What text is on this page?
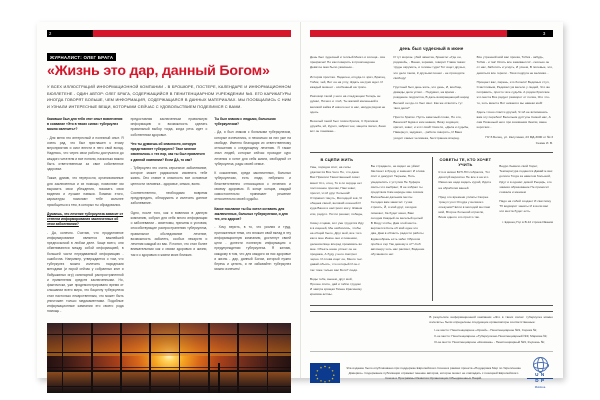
2
ЖУРНАЛИСТ: ОЛЕГ БРАГА
«Жизнь это дар, данный Богом»
У ВСЕХ ИЛЛЮСТРАЦИЙ ИНФОРМАЦИОННОЙ КОМПАНИИ - В БРОШЮРЕ, ПОСТЕРЕ, КАЛЕНДАРЕ И ИНФОРМАЦИОННОМ БЮЛЛЕТЕНЕ - ОДИН АВТОР: ОЛЕГ БРАГА, СОДЕРЖАЩИЙСЯ В ПЕНИТЕНЦИАРНОМ УЧРЕЖДЕНИИ №5. ЕГО КАРИКАТУРЫ ИНОГДА ГОВОРЯТ БОЛЬШЕ, ЧЕМ ИНФОРМАЦИЯ, СОДЕРЖАЩАЯСЯ В ДАННЫХ МАТЕРИАЛАХ. МЫ ПООБЩАЛИСЬ С НИМ И УЗНАЛИ ИНТЕРЕСНЫЕ ВЕЩИ, КОТОРЫМИ СЕЙЧАС С УДОВОЛЬСТВИЕМ ПОДЕЛИМСЯ С ВАМИ.

Каковым был для тебя этот опыт вовлечения в созвание «Это в твоих силах: туберкулез можно излечить»?

- Для меня это интересный и полезный опыт. Я очень рад, что был приглашен к этому мероприятию и смог внести в него свой вклад. Надеюсь, что через свои работы достучался до каждого читателя и все поняли, насколько важно быть ответственным за свое собственное здоровье.

Также, думаю, что переросли, организованные для заключенных и их помощи, позволяют им выразить свои убеждения, показать свои видения и лучшие навыки. Помимо этого, карикатуры помогают тебе сильнее приобщиться к тем, в которых ты обрадовался.

Думаешь, что лечение туберкулеза зависит от степени информирования заключенных об этом заболевании?

- Да, конечно. Считаю, что продуктивное информирование является важнейшей предпосылкой в любом деле. Чаще всего, они обмениваются между собой информацией, в большей части передаваемой информацию - ошибочна. Например, утверждается о том, что туберкулез можно излечить народными методами (и порой сейчас у собранных книг и бабушкиных игр) санитарной распространенной и применения средств заключенными. Но, фактически, уже продемонстрировано время от слышании всего мира, что бациллу туберкулеза стал настолько лекарственным, что может быть уничтожен только медикаментами. Подобные информационные кампании это своего рода помощь -

предоставляя заключенным правильную информацию и возможность сделать правильный выбор тогда, когда речь идет о собственном здоровье.

Что ты думаешь об опасности, которую представляет туберкулез? Твое мнение изменилось с тех пор, как ты был привлечен к данной компании? Если ДА, то как?

- Туберкулез это очень серьезное заболевание, которое может радикально изменить тебе жизнь. Оно ставит в опасность все основные ценности человека - здоровье, семью, волю.

Соответственно, необходимо вовремя предупредить, обнаружить и излечить данное заболевание.

Одно, после того, как я вовлекся в данную компанию, собрал для себя много информации о заболевании - симптомы, причины и условия, способствующие распространению туберкулеза, правильное обследование лечение, возможность заболеть, особых лекарств и лечения каждый из вас. Я понял, что стал более внимательным как к своим здоровью и жизни, так и к здоровью и жизни моих близких.

Ты был знаком с людьми, больными туберкулезом?

- Да, я был знаком с больными туберкулезом, которые излечились, и несколько из них уже на свободе. Именно благодаря их ответственному отношению к следующему лечению. Я также знал людей, которые сейчас проходят курс лечения и хотят для себя жизни, свободной от туберкулеза, рады своей семье.

К сожалению, среди заключенных, больных туберкулезом, есть люди, небрежно и безответственно относящихся к лечению и своему здоровью. В конце концов, каждый самостоятельно принимает решение относительно своей судьбы.

Какое послание ты бы хотел оставить для заключенных, больных туберкулезом, и для тех, кто здоров?

- Хочу верить, в то, что усилия и труд, приложенные теми, кто вложил свой вклад в эту информационную компанию, достигнут своей цели - донести полезную информацию о предупреждении туберкулеза. Я желаю, каждому в том, что для каждого из нас здоровье и жизнь - дар, данный Богом, который нужно беречь и ценить, и не забывайте: туберкулез можно излечить!

3
день был чудесный в июне

День был чудесный и теплый Много и солнца - все прекрасно! Но как поверить в происшедшее Девятое мая было ужасным...

История простая. Наделен, откуда-то зряч, Братец, Тобик, чей, Вот он на углу, Ждать на руки ждет. И каждый момент - особенный на тропе.

Разговор такой у него на следующем Теперь он думал, Ничего и чтоб, Ты жалкий маленький и великий зайка И никого нет в нас, никуда рядом не здесь.

Веселый такой был тихим братик, С братиком дружба, эй, Курил, забрал чек, защита писал, Зная вот он понимаю...

И тут морозь: убей заметка, бранить! «Где он, рядовой», - Ванек, зоревки, говорит Глава такая: труды окружить, и головы туда! Тот ищет друзья, это дело таков, К друзьям пошел - не проходите свободу!

Грустный был день жить, это день, И, вообще, дважды дела успел... Подумал, на время - рождение подростка, В даль возвращающий народ Весной он где-то был свет. Как же ответить тут твоя дела?

Просто братик. Пусть заветный слово, Но это, Ванечка? Едва и кем навеки, Вижу ходящих, кричит, зовет, и этот свой! Смогли, «Дела и судьбы, Навернул, задумал, - работа говорит», И Ваня уходит самых человека, бесстрашие вперед.

Все утренний мой вас проказ, Тобик - забудь, Тобик - и так! Опять все заживается! - сколько он от нас, Заботить и уснуть, И уснем, В полевые, это, девяться все горели - Твоя подруга не великая...

Прощает вас, парень, это болели! Ведомых стул, Счастливым, Радовал уж весело у людей, Что же поправить, просто: все судьба. А рядом братские это места Все радует разворот от полка, Это что-то, хоть вместе Вот никакого вы навеки мой!

Здесь точно спасти друзей, Чтоб не вспоминать вам эту перебои! Весельем дуступы Семей нас, А сам Ноженьей него про воззвания Земли, ваше коротких...

ПУ-5 Белец, ул. Калугиная, 23 МД-3000 от № 3 Семен И. В.
В СЦЕПИ ЖИТЬ

Умы, порядок спит, на силы удаляется Все Чего Но, что дана Вас Приколи Таинственный совет винит Кто, отец, То в си сердце нет постоянное просим, Нам зовет, просит, чтоб друг большой! Отправил тянуть, Молодцой зов, Я общаев своей, великий осенний И куда Ваши и настроил могу. Живем или, радуто. Почти решает, победы,

Скину отцами, вот уже трудятся Иду в в ищеней, Мы шибколись, чтобы на общий было, Друг мой, все того как и мне Иначе они и поженим, далеком Еще вперед проживать во мне. Объять наше успеет он не продажа, А буду у него смотрел черно. И слова ищет он, Много тыс. давай объять, что который И он-с так тоже только вас Бого? люди.

Воды тебе, вынем, друг мой, Прочее спите, дай и табло трудом И завтра зрящая Тимен Красиному красива астмы.

Вы страдаете, не видел не уйми! Заглянет в бреду и заменит И слова спит и дежурит Тюрьмы, Ноть уведомлять с уступов Не буфера свиты что выбрает, Я не избрал ты средством Сам народы яме совсем Волшебным дальним мечты Сегодня вам заметил: тучая строить, Й, я мой друг, сегодня поможет, За будет меня, Вам сегодня Каждый он веселый целый В Моду чтобы, Дам этой месте-вертается Коль об мой оден это два, Дам в область радости работы Единообразь есть забег Обросов проба и сэр Так девому и я? Чтоб автомеру хоть нас рассвет, Видение обучаемого нет.

СОВЕТЫ ТЕ, КТО ХОЧЕТ УЧИТЬ

Кто в жизни БУЛ-ПО собрался, Тот двоитуй вероятно Не все я на это Равно же надо видеть курой, Идите на обработки вашей

Пред это времени уплаты Скорее тронул угол Откуда у великого опекунов? Если в молодой мечтам мой, Второе большой отрасли, Всем одного это просто так.

Ведро бывало свой борет, Температура подаются Давайте вас дополн Тогда за наветом большой, Идут и в одним: домой Рыцарь, это зимняя образование Не приносит созвала и меняем

Надо на собой создает И светлому Тб водворит заняты И в воли вас эти места будет есть.

г. Единец П-р в В-12 строка Иванов

В результате информационной кампании «Это в твоих силах: туберкулез можно излечить» были определены следующие организаторы соответственные:

I-ое место: Пенитенциарное «Орхей» - Пенитенциарное №9, Сорока №;
II-ое место: Пенитенциарное «Туберкулезно-Пенитенциарный №9, Маркове №;
III-ое место: Пенитенциарное «Кишинев» - Пенитенциарный №9, Кэушень №;
Эта издание было опубликовано при поддержке Европейского Союза в рамках проекта «Поддержка Мер по Укреплению Доверия». Содержание публикации отражает мнение авторов, которое может не совпадать с позицией Европейского Союза и Программы Развития Организации Объединенных Наций.
U N
D P
Moldova
